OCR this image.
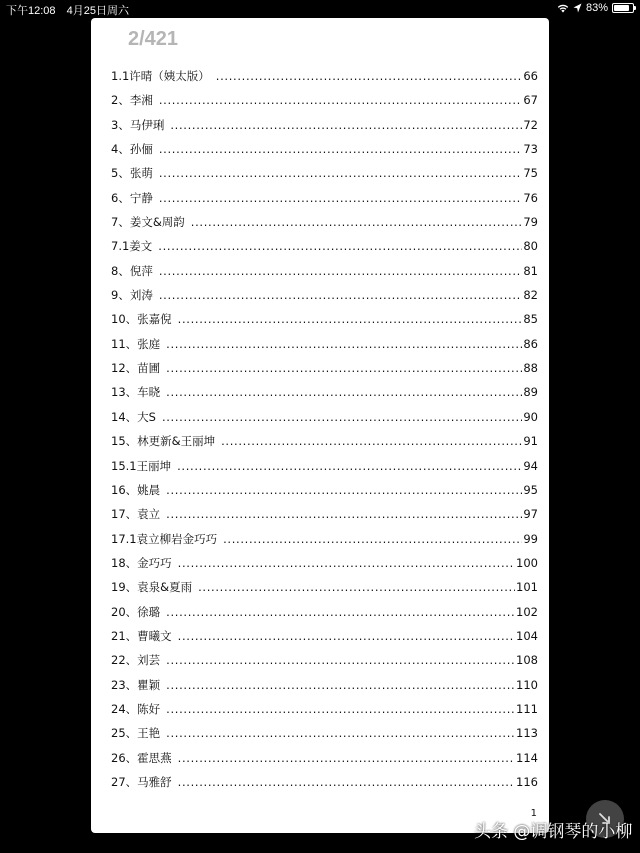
下午12:08 4月25日周六	83%
2/421
1.1许晴（姨太版） . . .	66
2、李湘 . . .	67
3、马伊琍 . . .	72
4、孙俪 . . .	73
5、张萌 . . .	75
6、宁静 . . .	76
7、姜文&周韵 . . .	79
7.1姜文 . . .	80
8、倪萍 . . .	81
9、刘涛 . . .	82
10、张嘉倪 . . .	85
11、张庭 . . .	86
12、苗圃 . . .	88
13、车晓 . . .	89
14、大S . . .	90
15、林更新&王丽坤 . . .	91
15.1王丽坤 . . .	94
16、姚晨 . . .	95
17、袁立 . . .	97
17.1袁立柳岩金巧巧 . . .	99
18、金巧巧 . . .	100
19、袁泉&夏雨 . . .	101
20、徐璐 . . .	102
21、曹曦文 . . .	104
22、刘芸 . . .	108
23、瞿颖 . . .	110
24、陈好 . . .	111
25、王艳 . . .	113
26、霍思燕 . . .	114
27、马雅舒 . . .	116
1
头条 @调钢琴的小柳
